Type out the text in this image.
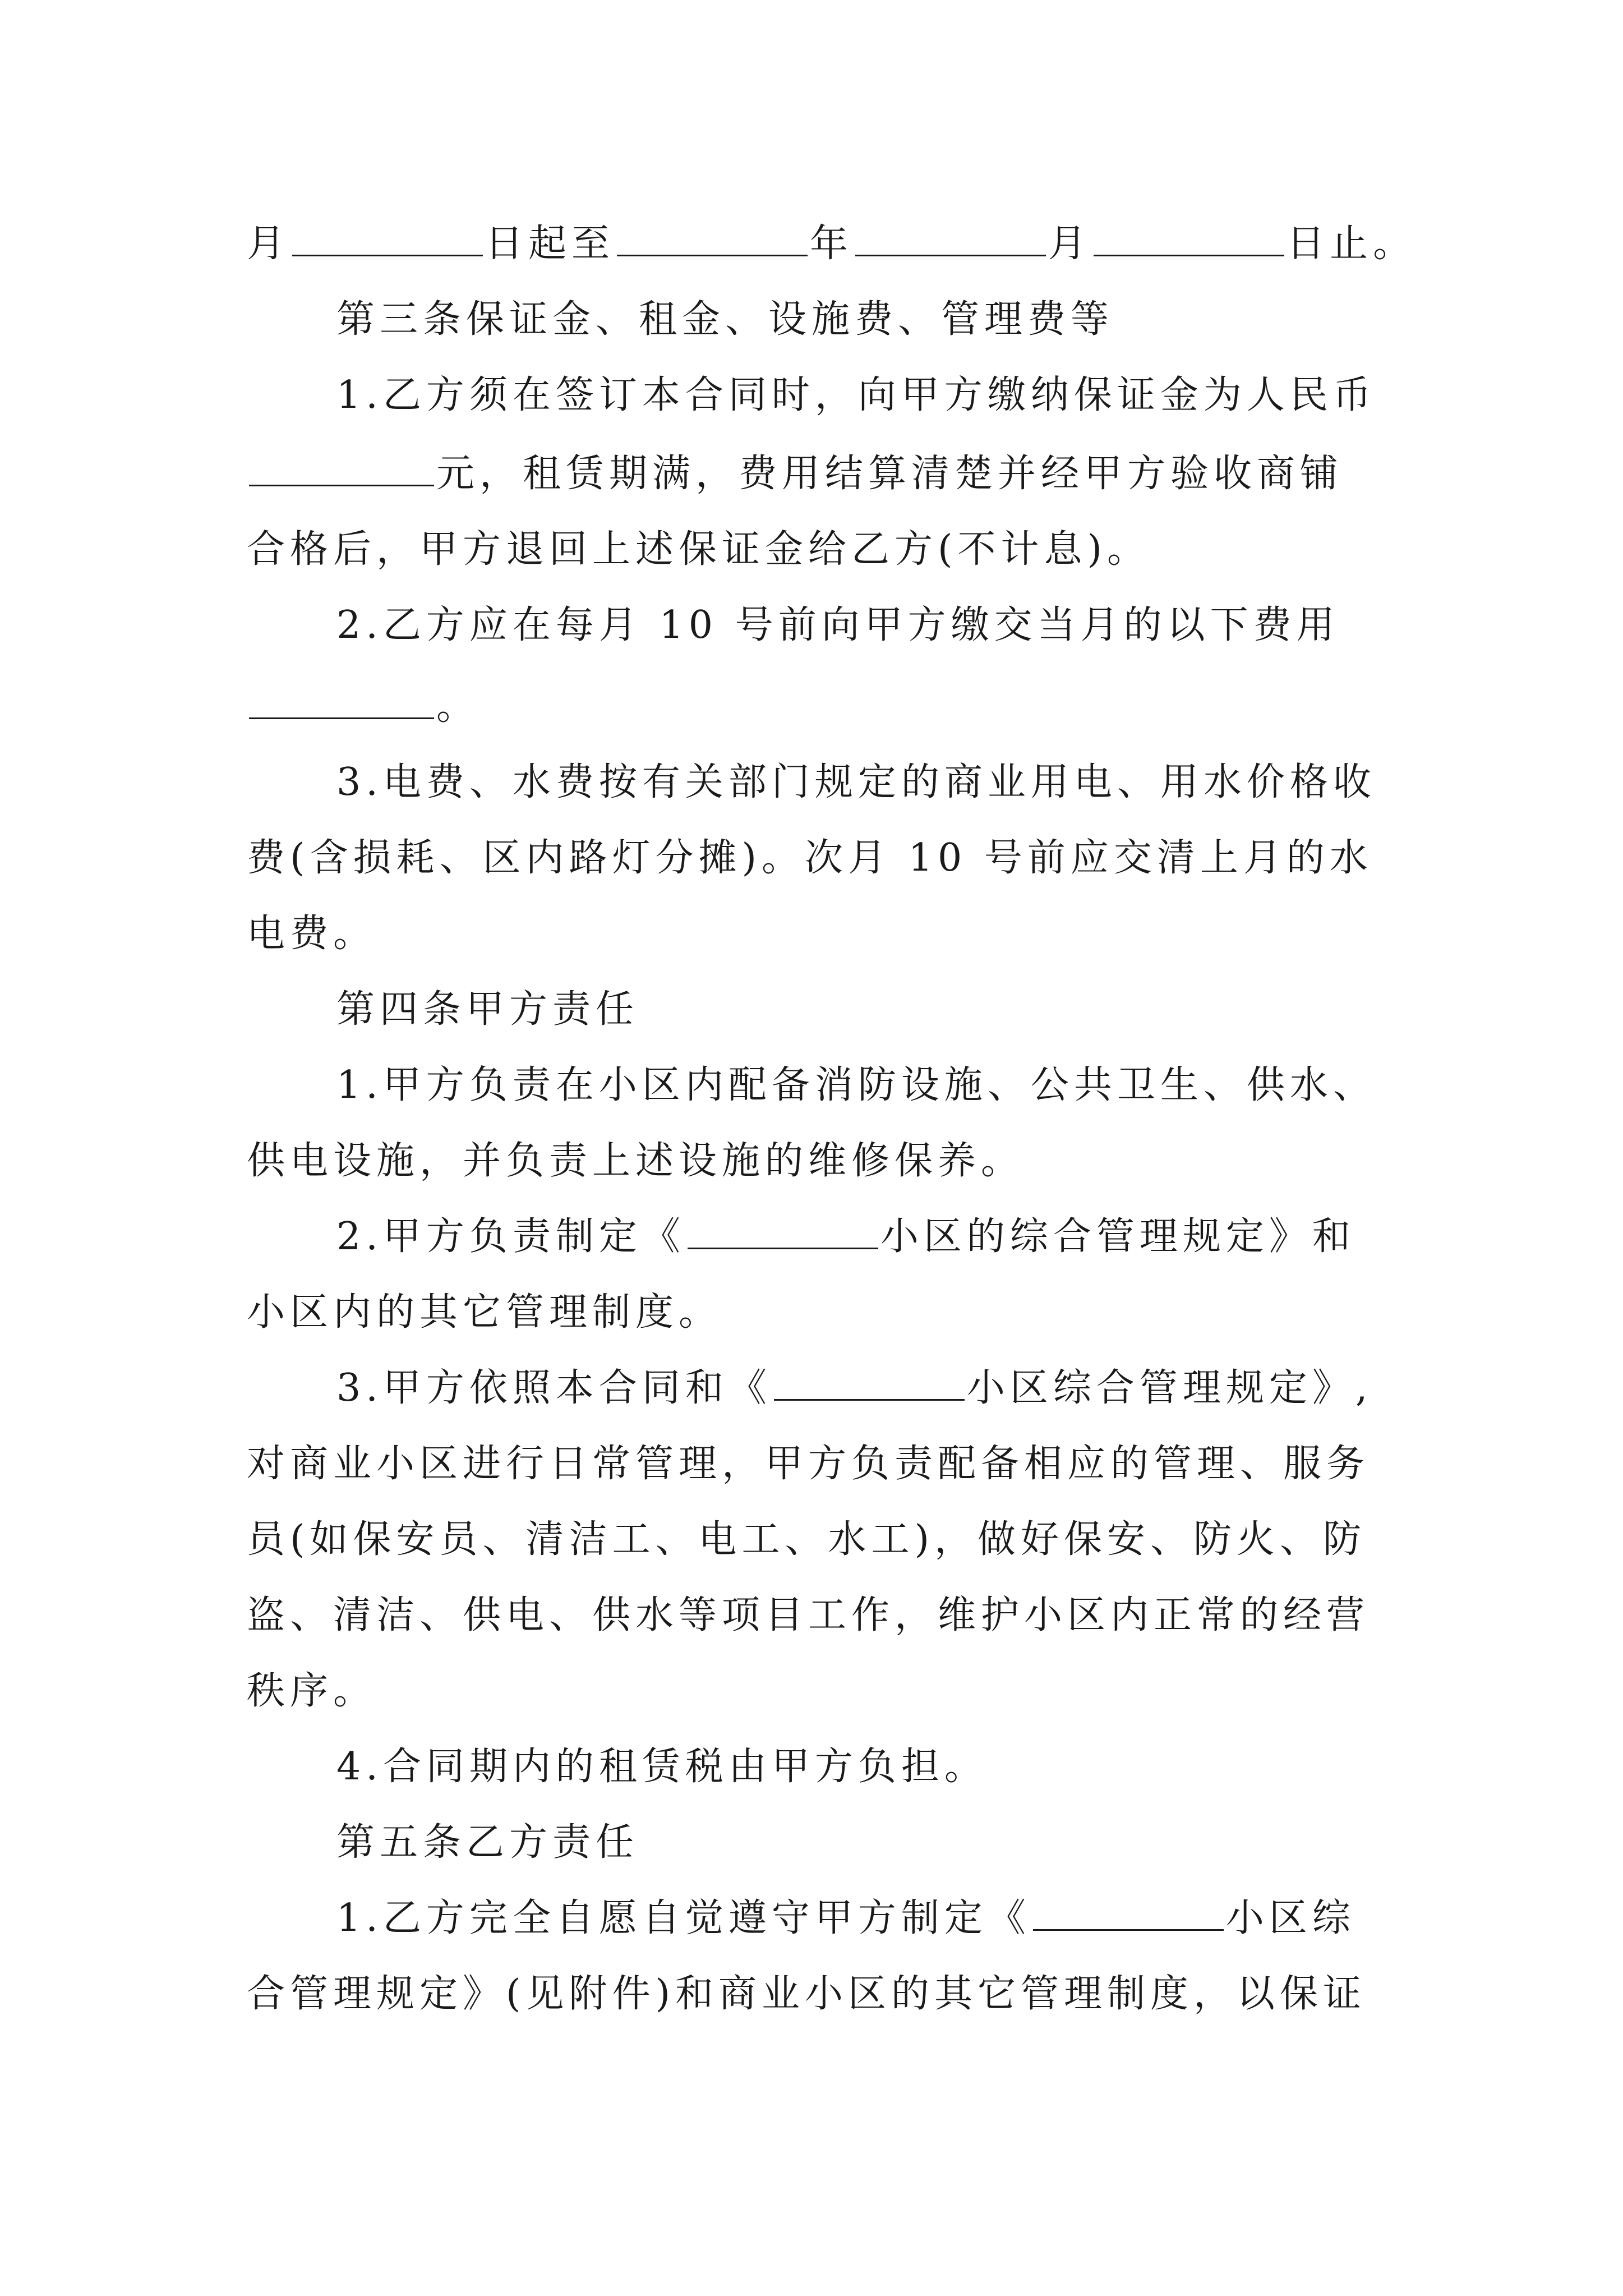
月	日起至	年	月	日止。
第三条保证金、租金、设施费、管理费等
1.乙方须在签订本合同时，向甲方缴纳保证金为人民币
元，租赁期满，费用结算清楚并经甲方验收商铺
合格后，甲方退回上述保证金给乙方(不计息)。
2.乙方应在每月 10 号前向甲方缴交当月的以下费用
。
3.电费、水费按有关部门规定的商业用电、用水价格收
费(含损耗、区内路灯分摊)。次月 10 号前应交清上月的水
电费。
第四条甲方责任
1.甲方负责在小区内配备消防设施、公共卫生、供水、
供电设施，并负责上述设施的维修保养。
2.甲方负责制定《	小区的综合管理规定》和
小区内的其它管理制度。
3.甲方依照本合同和《	小区综合管理规定》,
对商业小区进行日常管理，甲方负责配备相应的管理、服务
员(如保安员、清洁工、电工、水工)，做好保安、防火、防
盗、清洁、供电、供水等项目工作，维护小区内正常的经营
秩序。
4.合同期内的租赁税由甲方负担。
第五条乙方责任
1.乙方完全自愿自觉遵守甲方制定《	小区综
合管理规定》(见附件)和商业小区的其它管理制度，以保证
